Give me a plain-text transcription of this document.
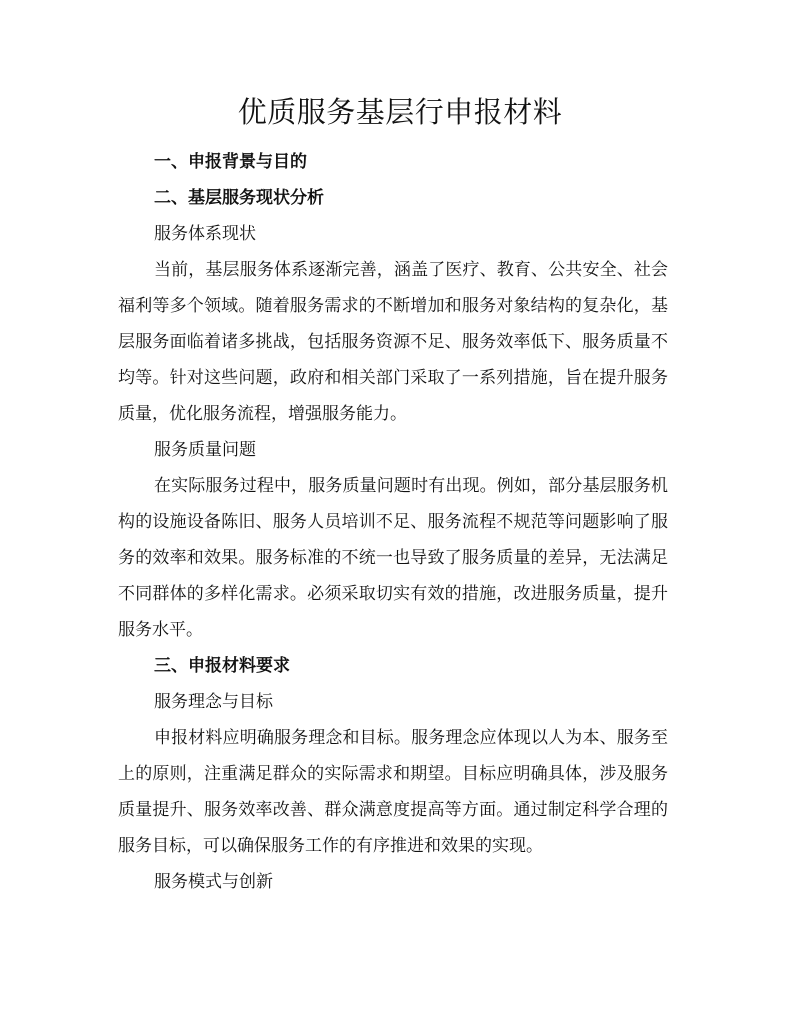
优质服务基层行申报材料
一、申报背景与目的
二、基层服务现状分析
服务体系现状

当前，基层服务体系逐渐完善，涵盖了医疗、教育、公共安全、社会福利等多个领域。随着服务需求的不断增加和服务对象结构的复杂化，基层服务面临着诸多挑战，包括服务资源不足、服务效率低下、服务质量不均等。针对这些问题，政府和相关部门采取了一系列措施，旨在提升服务质量，优化服务流程，增强服务能力。

服务质量问题

在实际服务过程中，服务质量问题时有出现。例如，部分基层服务机构的设施设备陈旧、服务人员培训不足、服务流程不规范等问题影响了服务的效率和效果。服务标准的不统一也导致了服务质量的差异，无法满足不同群体的多样化需求。必须采取切实有效的措施，改进服务质量，提升服务水平。

三、申报材料要求
服务理念与目标

申报材料应明确服务理念和目标。服务理念应体现以人为本、服务至上的原则，注重满足群众的实际需求和期望。目标应明确具体，涉及服务质量提升、服务效率改善、群众满意度提高等方面。通过制定科学合理的服务目标，可以确保服务工作的有序推进和效果的实现。

服务模式与创新
